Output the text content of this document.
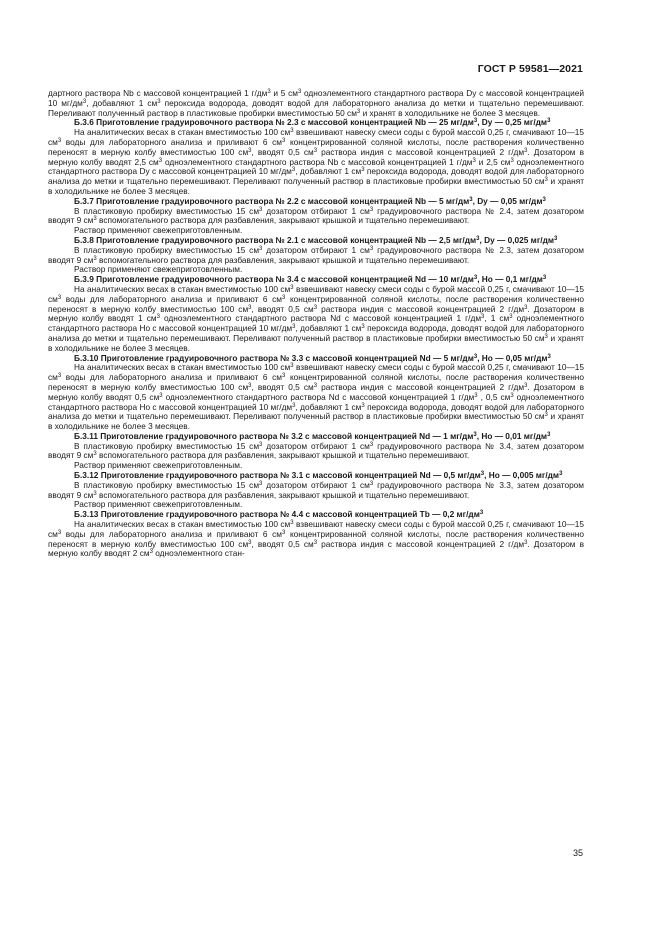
ГОСТ Р 59581—2021

дартного раствора Nb с массовой концентрацией 1 $г/дм^3$ и 5 $см^3$ одноэлементного стандартного раствора Dy с массовой концентрацией 10 $мг/дм^3$, добавляют 1 $см^3$ пероксида водорода, доводят водой для лабораторного анализа до метки и тщательно перемешивают. Переливают полученный раствор в пластиковые пробирки вместимостью 50 $см^3$ и хранят в холодильнике не более 3 месяцев.

Б.3.6 Приготовление градуировочного раствора № 2.3 с массовой концентрацией Nb — 25 $мг/дм^3$, Dy — 0,25 $мг/дм^3$

На аналитических весах в стакан вместимостью 100 $см^3$ взвешивают навеску смеси соды с бурой массой 0,25 г, смачивают 10—15 $см^3$ воды для лабораторного анализа и приливают 6 $см^3$ концентрированной соляной кислоты, после растворения количественно переносят в мерную колбу вместимостью 100 $см^3$, вводят 0,5 $см^3$ раствора индия с массовой концентрацией 2 $г/дм^3$. Дозатором в мерную колбу вводят 2,5 $см^3$ одноэлементного стандартного раствора Nb с массовой концентрацией 1 $г/дм^3$ и 2,5 $см^3$ одноэлементного стандартного раствора Dy с массовой концентрацией 10 $мг/дм^3$, добавляют 1 $см^3$ пероксида водорода, доводят водой для лабораторного анализа до метки и тщательно перемешивают. Переливают полученный раствор в пластиковые пробирки вместимостью 50 $см^3$ и хранят в холодильнике не более 3 месяцев.

Б.3.7 Приготовление градуировочного раствора № 2.2 с массовой концентрацией Nb — 5 $мг/дм^3$, Dy — 0,05 $мг/дм^3$

В пластиковую пробирку вместимостью 15 $см^3$ дозатором отбирают 1 $см^3$ градуировочного раствора № 2.4, затем дозатором вводят 9 $см^3$ вспомогательного раствора для разбавления, закрывают крышкой и тщательно перемешивают.

Раствор применяют свежеприготовленным.

Б.3.8 Приготовление градуировочного раствора № 2.1 с массовой концентрацией Nb — 2,5 $мг/дм^3$, Dy — 0,025 $мг/дм^3$

В пластиковую пробирку вместимостью 15 $см^3$ дозатором отбирают 1 $см^3$ градуировочного раствора № 2.3, затем дозатором вводят 9 $см^3$ вспомогательного раствора для разбавления, закрывают крышкой и тщательно перемешивают.

Раствор применяют свежеприготовленным.

Б.3.9 Приготовление градуировочного раствора № 3.4 с массовой концентрацией Nd — 10 $мг/дм^3$, Ho — 0,1 $мг/дм^3$

На аналитических весах в стакан вместимостью 100 $см^3$ взвешивают навеску смеси соды с бурой массой 0,25 г, смачивают 10—15 $см^3$ воды для лабораторного анализа и приливают 6 $см^3$ концентрированной соляной кислоты, после растворения количественно переносят в мерную колбу вместимостью 100 $см^3$, вводят 0,5 $см^3$ раствора индия с массовой концентрацией 2 $г/дм^3$. Дозатором в мерную колбу вводят 1 $см^3$ одноэлементного стандартного раствора Nd с массовой концентрацией 1 $г/дм^3$, 1 $см^3$ одноэлементного стандартного раствора Ho с массовой концентрацией 10 $мг/дм^3$, добавляют 1 $см^3$ пероксида водорода, доводят водой для лабораторного анализа до метки и тщательно перемешивают. Переливают полученный раствор в пластиковые пробирки вместимостью 50 $см^3$ и хранят в холодильнике не более 3 месяцев.

Б.3.10 Приготовление градуировочного раствора № 3.3 с массовой концентрацией Nd — 5 $мг/дм^3$, Ho — 0,05 $мг/дм^3$

На аналитических весах в стакан вместимостью 100 $см^3$ взвешивают навеску смеси соды с бурой массой 0,25 г, смачивают 10—15 $см^3$ воды для лабораторного анализа и приливают 6 $см^3$ концентрированной соляной кислоты, после растворения количественно переносят в мерную колбу вместимостью 100 $см^3$, вводят 0,5 $см^3$ раствора индия с массовой концентрацией 2 $г/дм^3$. Дозатором в мерную колбу вводят 0,5 $см^3$ одноэлементного стандартного раствора Nd с массовой концентрацией 1 $г/дм^3$ , 0,5 $см^3$ одноэлементного стандартного раствора Ho с массовой концентрацией 10 $мг/дм^3$, добавляют 1 $см^3$ пероксида водорода, доводят водой для лабораторного анализа до метки и тщательно перемешивают. Переливают полученный раствор в пластиковые пробирки вместимостью 50 $см^3$ и хранят в холодильнике не более 3 месяцев.

Б.3.11 Приготовление градуировочного раствора № 3.2 с массовой концентрацией Nd — 1 $мг/дм^3$, Ho — 0,01 $мг/дм^3$

В пластиковую пробирку вместимостью 15 $см^3$ дозатором отбирают 1 $см^3$ градуировочного раствора № 3.4, затем дозатором вводят 9 $см^3$ вспомогательного раствора для разбавления, закрывают крышкой и тщательно перемешивают.

Раствор применяют свежеприготовленным.

Б.3.12 Приготовление градуировочного раствора № 3.1 с массовой концентрацией Nd — 0,5 $мг/дм^3$, Ho — 0,005 $мг/дм^3$

В пластиковую пробирку вместимостью 15 $см^3$ дозатором отбирают 1 $см^3$ градуировочного раствора № 3.3, затем дозатором вводят 9 $см^3$ вспомогательного раствора для разбавления, закрывают крышкой и тщательно перемешивают.

Раствор применяют свежеприготовленным.

Б.3.13 Приготовление градуировочного раствора № 4.4 с массовой концентрацией Tb — 0,2 $мг/дм^3$

На аналитических весах в стакан вместимостью 100 $см^3$ взвешивают навеску смеси соды с бурой массой 0,25 г, смачивают 10—15 $см^3$ воды для лабораторного анализа и приливают 6 $см^3$ концентрированной соляной кислоты, после растворения количественно переносят в мерную колбу вместимостью 100 $см^3$, вводят 0,5 $см^3$ раствора индия с массовой концентрацией 2 $г/дм^3$. Дозатором в мерную колбу вводят 2 $см^3$ одноэлементного стан-

35
